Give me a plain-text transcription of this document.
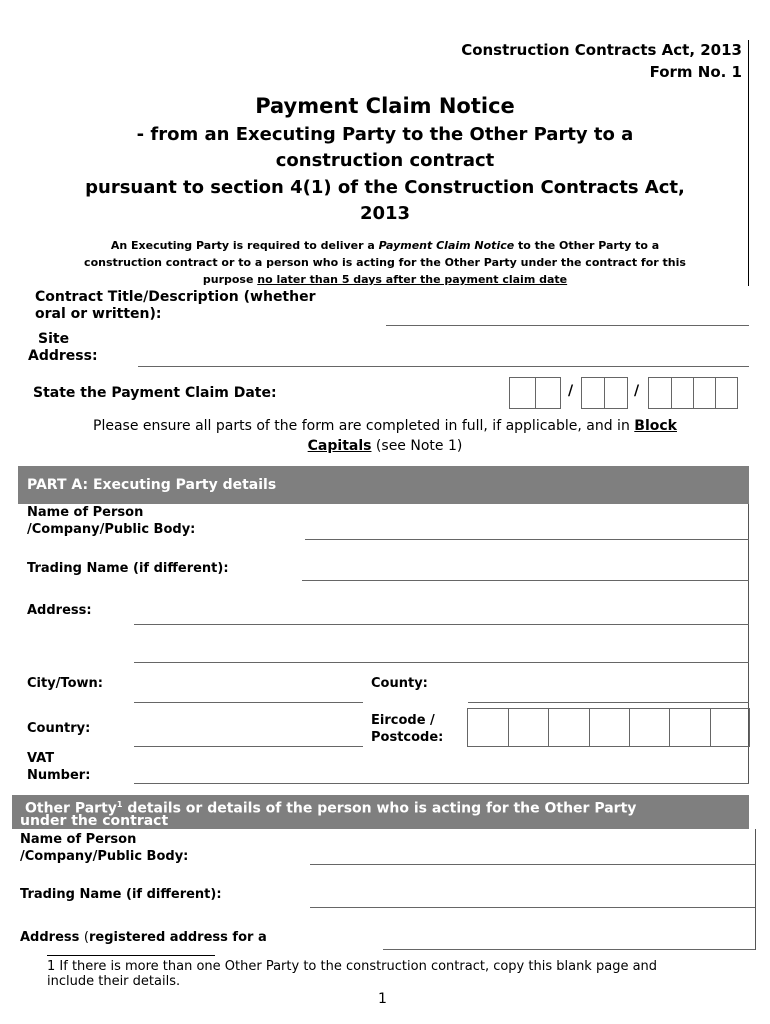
Construction Contracts Act, 2013
Form No. 1
Payment Claim Notice
- from an Executing Party to the Other Party to a
construction contract
pursuant to section 4(1) of the Construction Contracts Act,
2013
An Executing Party is required to deliver a Payment Claim Notice to the Other Party to a
construction contract or to a person who is acting for the Other Party under the contract for this
purpose no later than 5 days after the payment claim date
Contract Title/Description (whether
oral or written):
Site
Address:
State the Payment Claim Date:	/	/
Please ensure all parts of the form are completed in full, if applicable, and in Block
Capitals (see Note 1)
PART A: Executing Party details
Name of Person
/Company/Public Body:
Trading Name (if different):
Address:
City/Town:	County:
Country:
Eircode /
Postcode:
VAT
Number:
Other Party$^1$ details or details of the person who is acting for the Other Party
under the contract
Name of Person
/Company/Public Body:
Trading Name (if different):
Address (registered address for a
1 If there is more than one Other Party to the construction contract, copy this blank page and
include their details.
1
